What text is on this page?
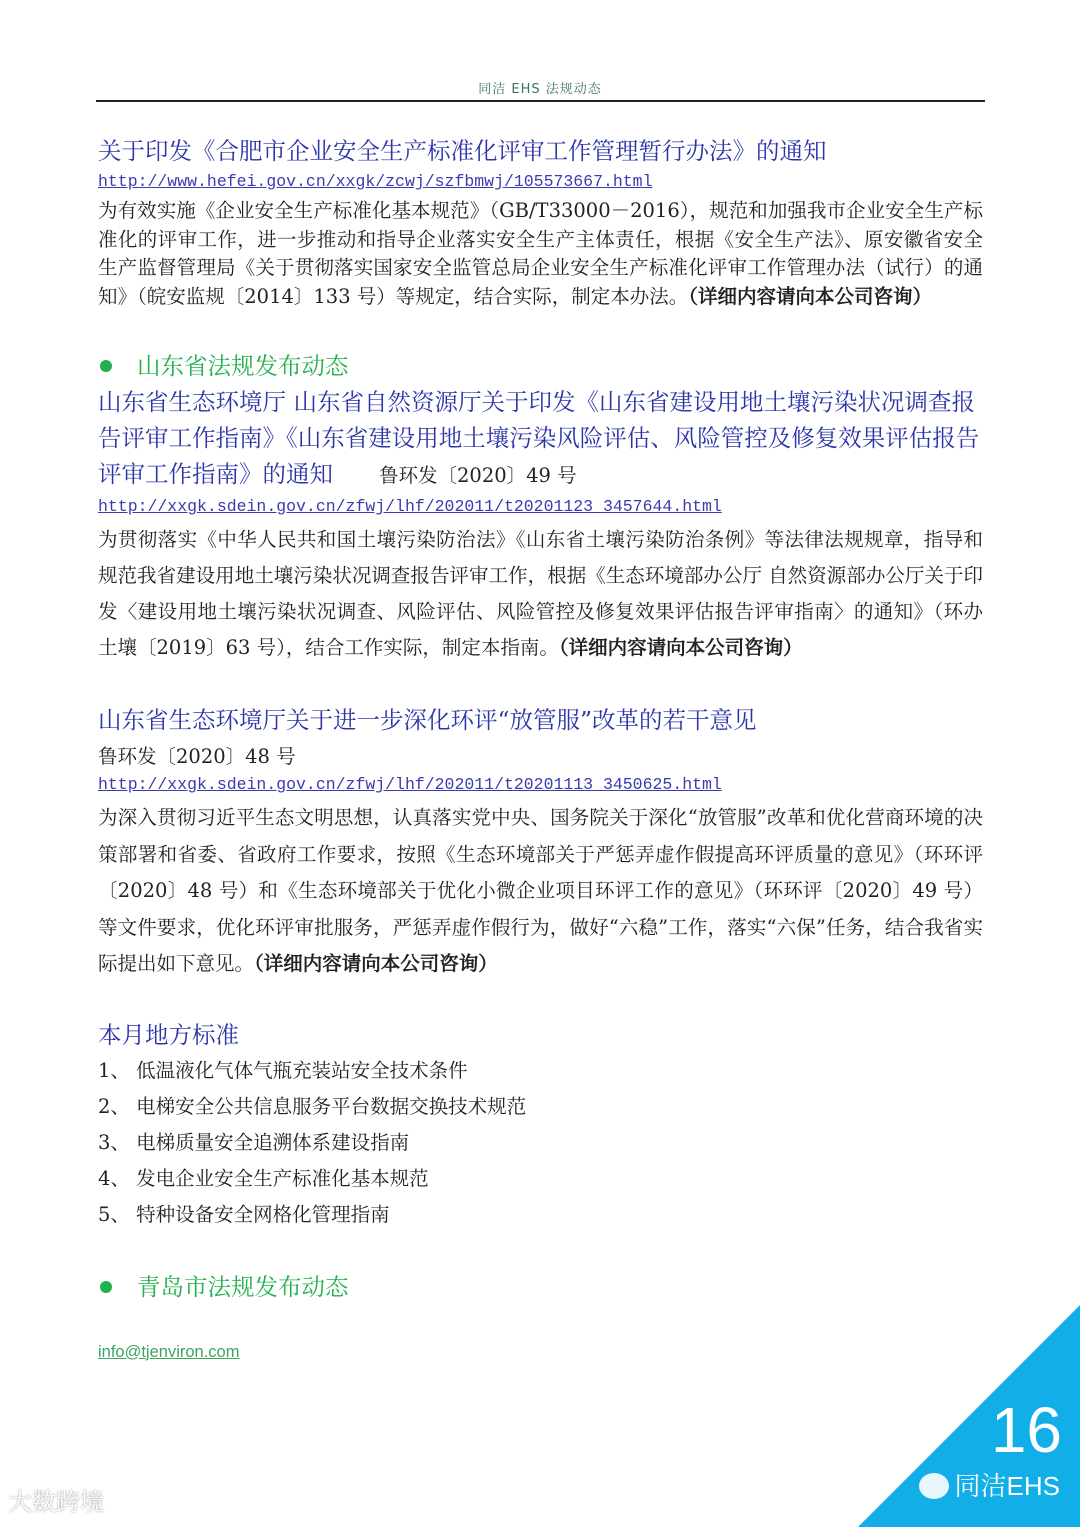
同洁 EHS 法规动态
关于印发《合肥市企业安全生产标准化评审工作管理暂行办法》的通知
http://www.hefei.gov.cn/xxgk/zcwj/szfbmwj/105573667.html
为有效实施《企业安全生产标准化基本规范》（GB/T33000－2016），规范和加强我市企业安全生产标准化的评审工作，进一步推动和指导企业落实安全生产主体责任，根据《安全生产法》、原安徽省安全生产监督管理局《关于贯彻落实国家安全监管总局企业安全生产标准化评审工作管理办法（试行）的通知》（皖安监规〔2014〕133 号）等规定，结合实际，制定本办法。（详细内容请向本公司咨询）
山东省法规发布动态
山东省生态环境厅 山东省自然资源厅关于印发《山东省建设用地土壤污染状况调查报告评审工作指南》《山东省建设用地土壤污染风险评估、风险管控及修复效果评估报告评审工作指南》的通知 鲁环发〔2020〕49 号
http://xxgk.sdein.gov.cn/zfwj/lhf/202011/t20201123_3457644.html
为贯彻落实《中华人民共和国土壤污染防治法》《山东省土壤污染防治条例》等法律法规规章，指导和规范我省建设用地土壤污染状况调查报告评审工作，根据《生态环境部办公厅 自然资源部办公厅关于印发〈建设用地土壤污染状况调查、风险评估、风险管控及修复效果评估报告评审指南〉的通知》（环办土壤〔2019〕63 号），结合工作实际，制定本指南。（详细内容请向本公司咨询）
山东省生态环境厅关于进一步深化环评“放管服”改革的若干意见
鲁环发〔2020〕48 号
http://xxgk.sdein.gov.cn/zfwj/lhf/202011/t20201113_3450625.html
为深入贯彻习近平生态文明思想，认真落实党中央、国务院关于深化“放管服”改革和优化营商环境的决策部署和省委、省政府工作要求，按照《生态环境部关于严惩弄虚作假提高环评质量的意见》（环环评〔2020〕48 号）和《生态环境部关于优化小微企业项目环评工作的意见》（环环评〔2020〕49 号）等文件要求，优化环评审批服务，严惩弄虚作假行为，做好“六稳”工作，落实“六保”任务，结合我省实际提出如下意见。（详细内容请向本公司咨询）
本月地方标准
1、 低温液化气体气瓶充装站安全技术条件
2、 电梯安全公共信息服务平台数据交换技术规范
3、 电梯质量安全追溯体系建设指南
4、 发电企业安全生产标准化基本规范
5、 特种设备安全网格化管理指南
青岛市法规发布动态
info@tjenviron.com
16
同洁EHS
大数跨境
